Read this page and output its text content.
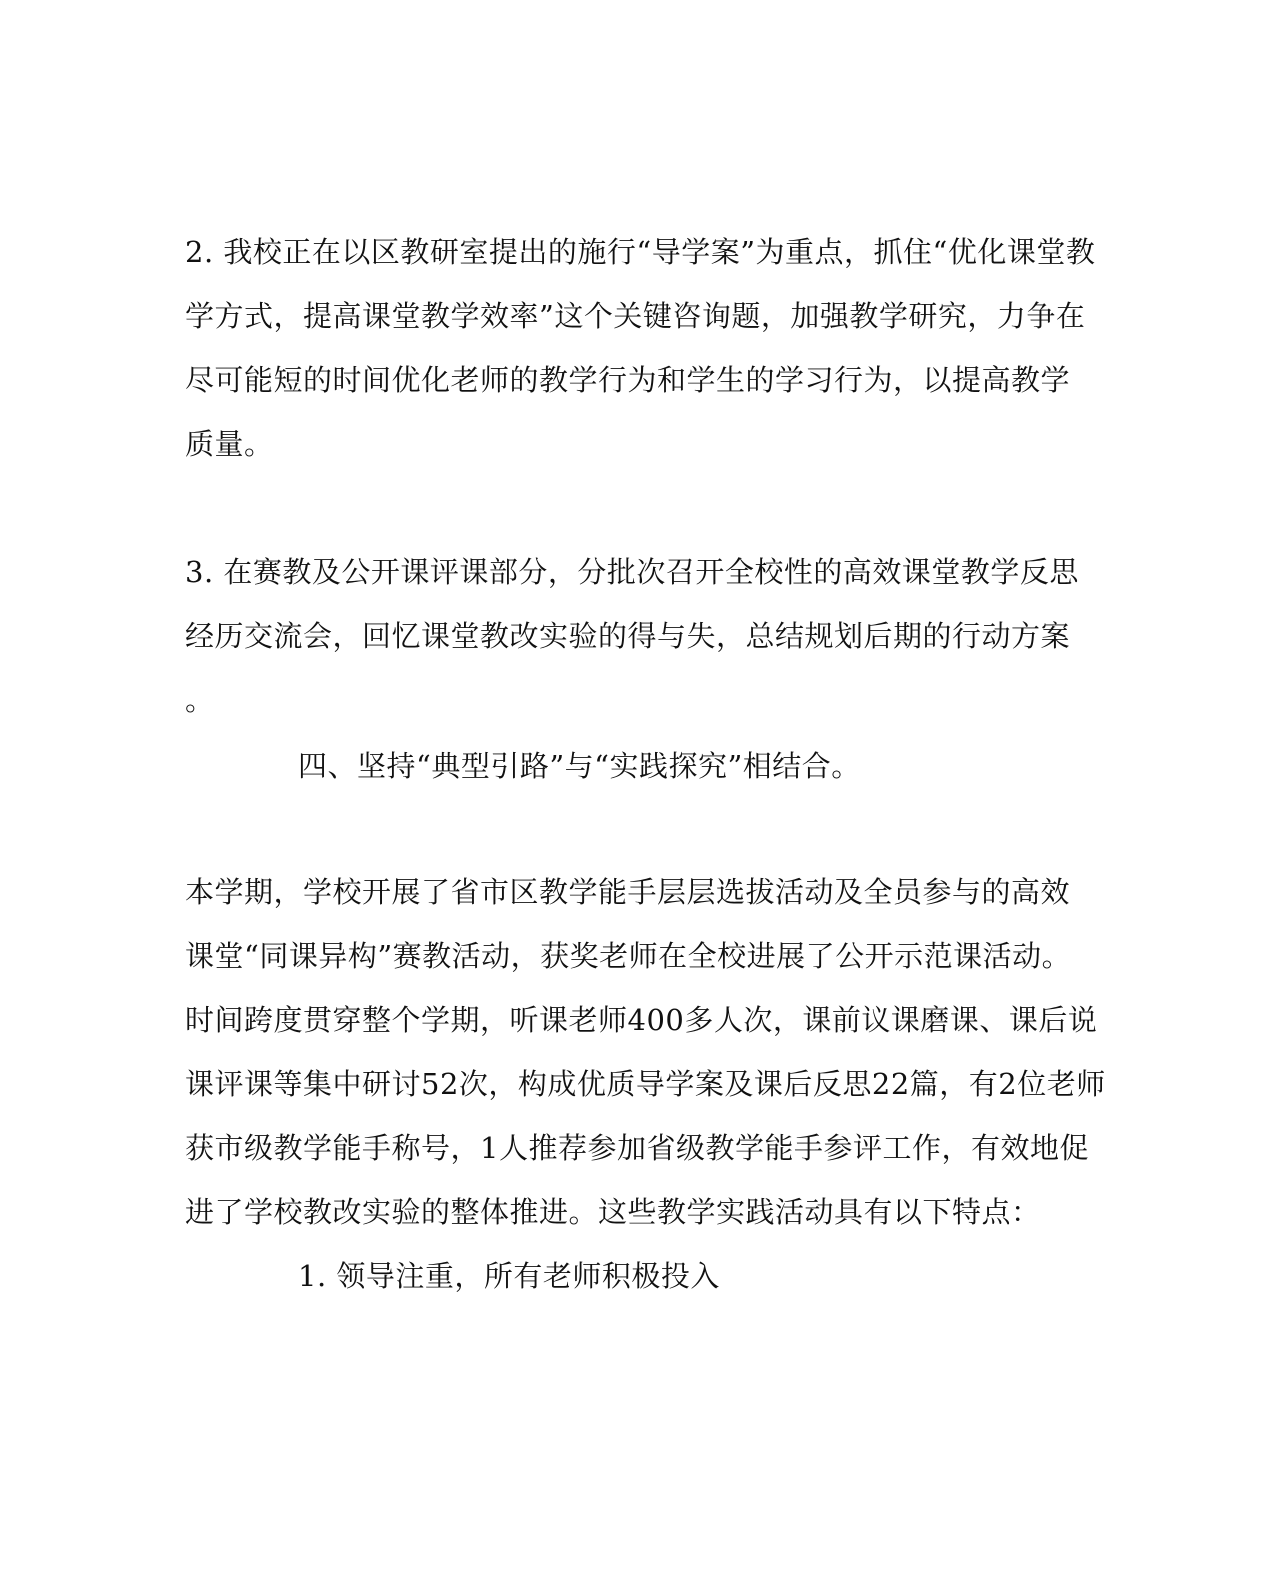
2. 我校正在以区教研室提出的施行“导学案”为重点，抓住“优化课堂教
学方式，提高课堂教学效率”这个关键咨询题，加强教学研究，力争在
尽可能短的时间优化老师的教学行为和学生的学习行为，以提高教学
质量。
3. 在赛教及公开课评课部分，分批次召开全校性的高效课堂教学反思
经历交流会，回忆课堂教改实验的得与失，总结规划后期的行动方案
。
四、坚持“典型引路”与“实践探究”相结合。
本学期，学校开展了省市区教学能手层层选拔活动及全员参与的高效
课堂“同课异构”赛教活动，获奖老师在全校进展了公开示范课活动。
时间跨度贯穿整个学期，听课老师400多人次，课前议课磨课、课后说
课评课等集中研讨52次，构成优质导学案及课后反思22篇，有2位老师
获市级教学能手称号，1人推荐参加省级教学能手参评工作，有效地促
进了学校教改实验的整体推进。这些教学实践活动具有以下特点：
1. 领导注重，所有老师积极投入
